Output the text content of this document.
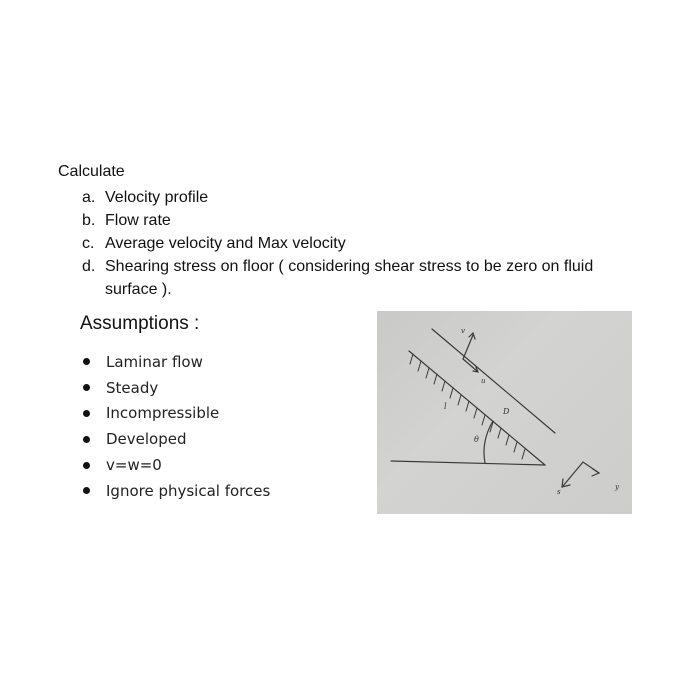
Calculate
a. Velocity profile
b. Flow rate
c. Average velocity and Max velocity
d. Shearing stress on floor ( considering shear stress to be zero on fluid surface ).
Assumptions :
Laminar flow
Steady
Incompressible
Developed
v=w=0
Ignore physical forces
v
u
D
l
θ
s
y
